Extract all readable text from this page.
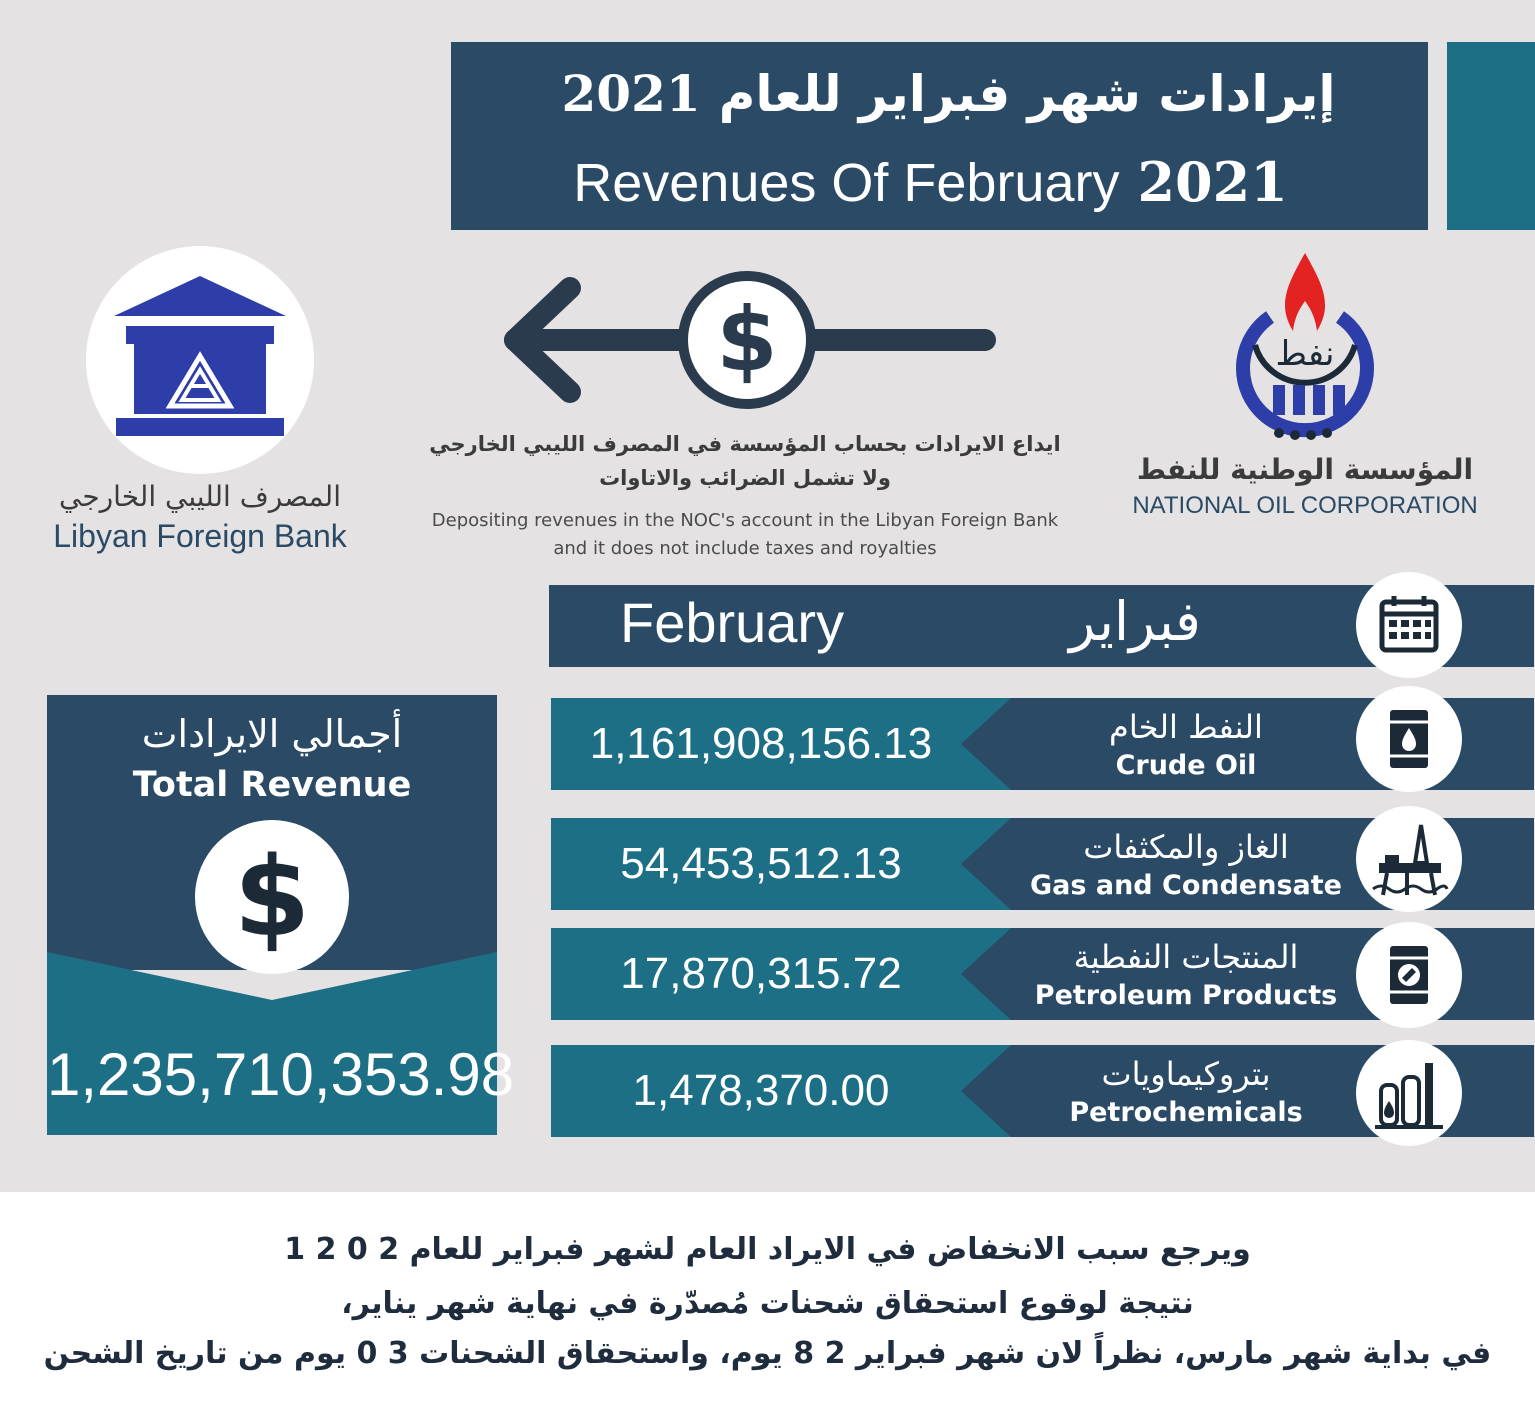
إيرادات شهر فبراير للعام2021
Revenues Of February 2021
المصرف الليبي الخارجي
Libyan Foreign Bank
$
ايداع الايرادات بحساب المؤسسة في المصرف الليبي الخارجي
ولا تشمل الضرائب والاتاوات
Depositing revenues in the NOC's account in the Libyan Foreign Bank
and it does not include taxes and royalties
نفط
المؤسسة الوطنية للنفط
NATIONAL OIL CORPORATION
February	فبراير
1,161,908,156.13	النفط الخام
Crude Oil
54,453,512.13	الغاز والمكثفات
Gas and Condensate
17,870,315.72	المنتجات النفطية
Petroleum Products
1,478,370.00	بتروكيماويات
Petrochemicals
أجمالي الايرادات
Total Revenue
$
1,235,710,353.98
ويرجع سبب الانخفاض في الايراد العام لشهر فبراير للعام 2 0 2 1
نتيجة لوقوع استحقاق شحنات مُصدّرة في نهاية شهر يناير،
في بداية شهر مارس، نظراً لان شهر فبراير 2 8 يوم، واستحقاق الشحنات 3 0 يوم من تاريخ الشحن
